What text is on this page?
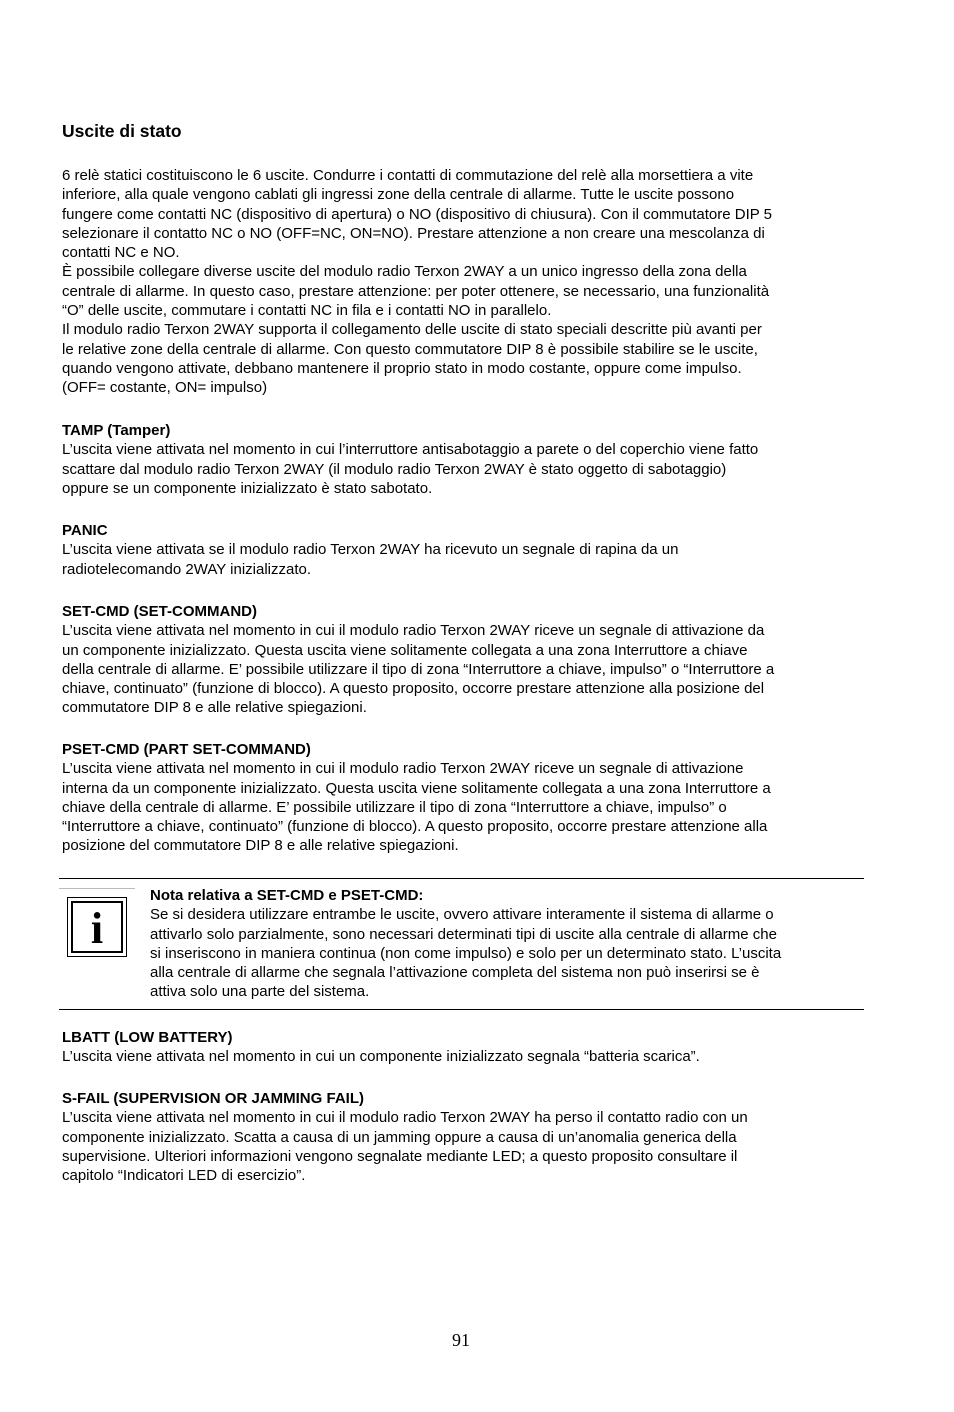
Uscite di stato

6 relè statici costituiscono le 6 uscite. Condurre i contatti di commutazione del relè alla morsettiera a vite
inferiore, alla quale vengono cablati gli ingressi zone della centrale di allarme. Tutte le uscite possono
fungere come contatti NC (dispositivo di apertura) o NO (dispositivo di chiusura). Con il commutatore DIP 5
selezionare il contatto NC o NO (OFF=NC, ON=NO). Prestare attenzione a non creare una mescolanza di
contatti NC e NO.
È possibile collegare diverse uscite del modulo radio Terxon 2WAY a un unico ingresso della zona della
centrale di allarme. In questo caso, prestare attenzione: per poter ottenere, se necessario, una funzionalità
“O” delle uscite, commutare i contatti NC in fila e i contatti NO in parallelo.
Il modulo radio Terxon 2WAY supporta il collegamento delle uscite di stato speciali descritte più avanti per
le relative zone della centrale di allarme. Con questo commutatore DIP 8 è possibile stabilire se le uscite,
quando vengono attivate, debbano mantenere il proprio stato in modo costante, oppure come impulso.
(OFF= costante, ON= impulso)

TAMP (Tamper)

L’uscita viene attivata nel momento in cui l’interruttore antisabotaggio a parete o del coperchio viene fatto
scattare dal modulo radio Terxon 2WAY (il modulo radio Terxon 2WAY è stato oggetto di sabotaggio)
oppure se un componente inizializzato è stato sabotato.

PANIC

L’uscita viene attivata se il modulo radio Terxon 2WAY ha ricevuto un segnale di rapina da un
radiotelecomando 2WAY inizializzato.

SET-CMD (SET-COMMAND)

L’uscita viene attivata nel momento in cui il modulo radio Terxon 2WAY riceve un segnale di attivazione da
un componente inizializzato. Questa uscita viene solitamente collegata a una zona Interruttore a chiave
della centrale di allarme. E’ possibile utilizzare il tipo di zona “Interruttore a chiave, impulso” o “Interruttore a
chiave, continuato” (funzione di blocco). A questo proposito, occorre prestare attenzione alla posizione del
commutatore DIP 8 e alle relative spiegazioni.

PSET-CMD (PART SET-COMMAND)

L’uscita viene attivata nel momento in cui il modulo radio Terxon 2WAY riceve un segnale di attivazione
interna da un componente inizializzato. Questa uscita viene solitamente collegata a una zona Interruttore a
chiave della centrale di allarme. E’ possibile utilizzare il tipo di zona “Interruttore a chiave, impulso” o
“Interruttore a chiave, continuato” (funzione di blocco). A questo proposito, occorre prestare attenzione alla
posizione del commutatore DIP 8 e alle relative spiegazioni.

i

Nota relativa a SET-CMD e PSET-CMD:

Se si desidera utilizzare entrambe le uscite, ovvero attivare interamente il sistema di allarme o
attivarlo solo parzialmente, sono necessari determinati tipi di uscite alla centrale di allarme che
si inseriscono in maniera continua (non come impulso) e solo per un determinato stato. L’uscita
alla centrale di allarme che segnala l’attivazione completa del sistema non può inserirsi se è
attiva solo una parte del sistema.

LBATT (LOW BATTERY)

L’uscita viene attivata nel momento in cui un componente inizializzato segnala “batteria scarica”.

S-FAIL (SUPERVISION OR JAMMING FAIL)

L’uscita viene attivata nel momento in cui il modulo radio Terxon 2WAY ha perso il contatto radio con un
componente inizializzato. Scatta a causa di un jamming oppure a causa di un’anomalia generica della
supervisione. Ulteriori informazioni vengono segnalate mediante LED; a questo proposito consultare il
capitolo “Indicatori LED di esercizio”.

91
